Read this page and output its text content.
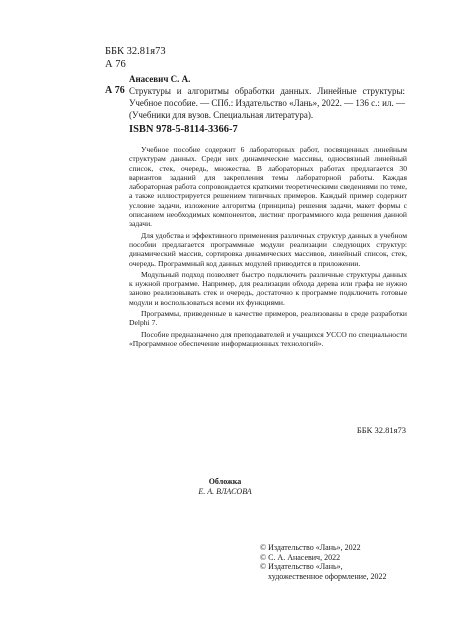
ББК 32.81я73
А 76
Анасевич С. А.
А 76 Структуры и алгоритмы обработки данных. Линейные структуры: Учебное пособие. — СПб.: Издательство «Лань», 2022. — 136 с.: ил. — (Учебники для вузов. Специальная литература).
ISBN 978-5-8114-3366-7

Учебное пособие содержит 6 лабораторных работ, посвященных линейным структурам данных. Среди них динамические массивы, односвязный линейный список, стек, очередь, множества. В лабораторных работах предлагается 30 вариантов заданий для закрепления темы лабораторной работы. Каждая лабораторная работа сопровождается краткими теоретическими сведениями по теме, а также иллюстрируется решением типичных примеров. Каждый пример содержит условие задачи, изложение алгоритма (принципа) решения задачи, макет формы с описанием необходимых компонентов, листинг программного кода решения данной задачи.

Для удобства и эффективного применения различных структур данных в учебном пособии предлагается программные модули реализации следующих структур: динамический массив, сортировка динамических массивов, линейный список, стек, очередь. Программный код данных модулей приводится в приложении.

Модульный подход позволяет быстро подключить различные структуры данных к нужной программе. Например, для реализации обхода дерева или графа не нужно заново реализовывать стек и очередь, достаточно к программе подключить готовые модули и воспользоваться всеми их функциями.

Программы, приведенные в качестве примеров, реализованы в среде разработки Delphi 7.

Пособие предназначено для преподавателей и учащихся УССО по специальности «Программное обеспечение информационных технологий».

ББК 32.81я73
Обложка
Е. А. ВЛАСОВА
© Издательство «Лань», 2022
© С. А. Анасевич, 2022
© Издательство «Лань»,
художественное оформление, 2022
